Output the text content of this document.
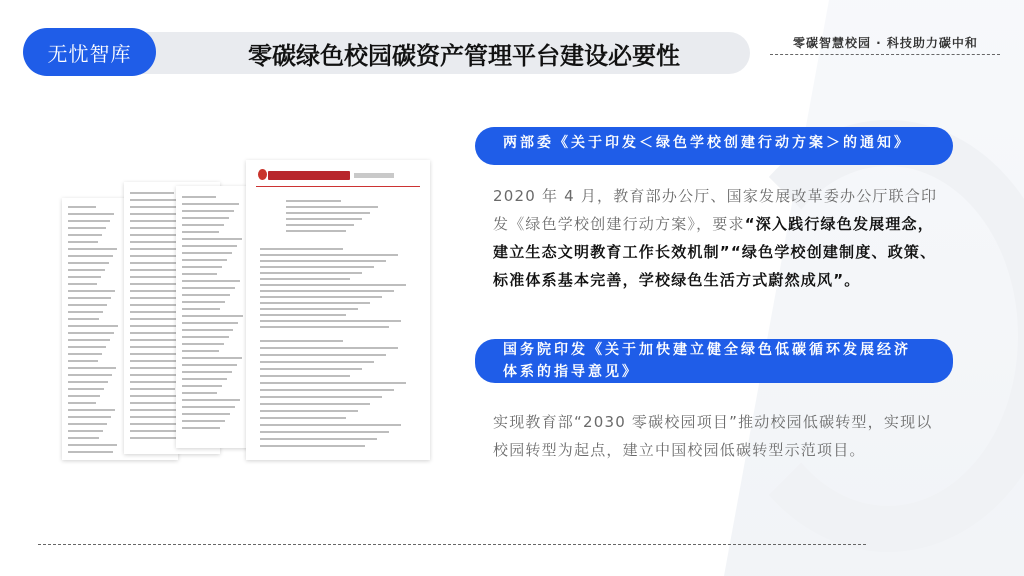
无忧智库	零碳绿色校园碳资产管理平台建设必要性	零碳智慧校园 · 科技助力碳中和
两部委《关于印发＜绿色学校创建行动方案＞的通知》
2020 年 4 月，教育部办公厅、国家发展改革委办公厅联合印发《绿色学校创建行动方案》，要求“深入践行绿色发展理念，建立生态文明教育工作长效机制”“绿色学校创建制度、政策、标准体系基本完善，学校绿色生活方式蔚然成风”。
国务院印发《关于加快建立健全绿色低碳循环发展经济体系的指导意见》
实现教育部“2030 零碳校园项目”推动校园低碳转型，实现以校园转型为起点，建立中国校园低碳转型示范项目。
